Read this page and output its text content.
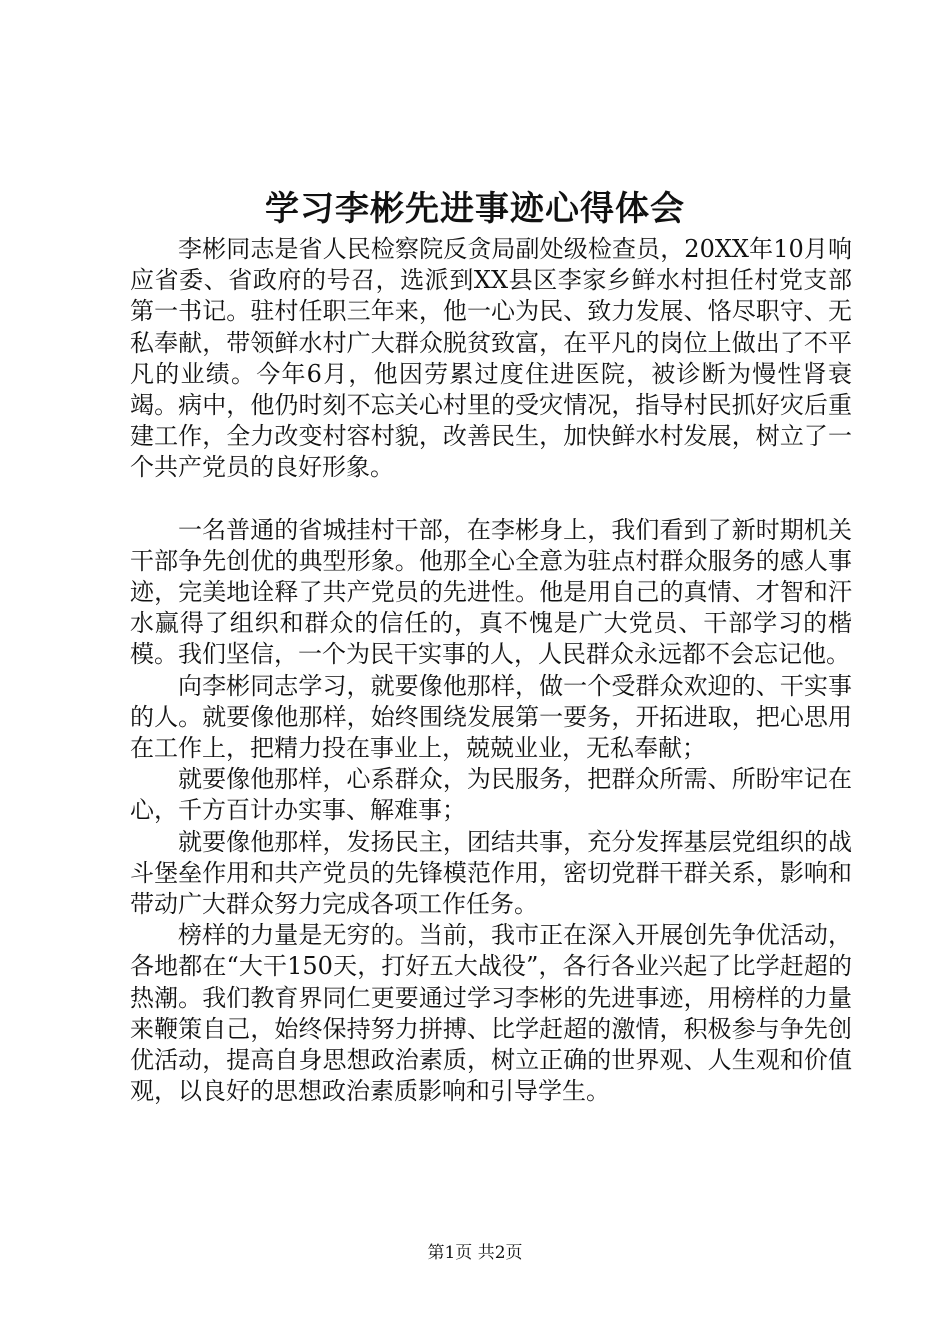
学习李彬先进事迹心得体会

李彬同志是省人民检察院反贪局副处级检查员，20XX年10月响应省委、省政府的号召，选派到XX县区李家乡鲜水村担任村党支部第一书记。驻村任职三年来，他一心为民、致力发展、恪尽职守、无私奉献，带领鲜水村广大群众脱贫致富，在平凡的岗位上做出了不平凡的业绩。今年6月，他因劳累过度住进医院，被诊断为慢性肾衰竭。病中，他仍时刻不忘关心村里的受灾情况，指导村民抓好灾后重建工作，全力改变村容村貌，改善民生，加快鲜水村发展，树立了一个共产党员的良好形象。

一名普通的省城挂村干部，在李彬身上，我们看到了新时期机关干部争先创优的典型形象。他那全心全意为驻点村群众服务的感人事迹，完美地诠释了共产党员的先进性。他是用自己的真情、才智和汗水赢得了组织和群众的信任的，真不愧是广大党员、干部学习的楷模。我们坚信，一个为民干实事的人，人民群众永远都不会忘记他。

向李彬同志学习，就要像他那样，做一个受群众欢迎的、干实事的人。就要像他那样，始终围绕发展第一要务，开拓进取，把心思用在工作上，把精力投在事业上，兢兢业业，无私奉献；

就要像他那样，心系群众，为民服务，把群众所需、所盼牢记在心，千方百计办实事、解难事；

就要像他那样，发扬民主，团结共事，充分发挥基层党组织的战斗堡垒作用和共产党员的先锋模范作用，密切党群干群关系，影响和带动广大群众努力完成各项工作任务。

榜样的力量是无穷的。当前，我市正在深入开展创先争优活动，各地都在“大干150天，打好五大战役”，各行各业兴起了比学赶超的热潮。我们教育界同仁更要通过学习李彬的先进事迹，用榜样的力量来鞭策自己，始终保持努力拼搏、比学赶超的激情，积极参与争先创优活动，提高自身思想政治素质，树立正确的世界观、人生观和价值观，以良好的思想政治素质影响和引导学生。

第1页 共2页
